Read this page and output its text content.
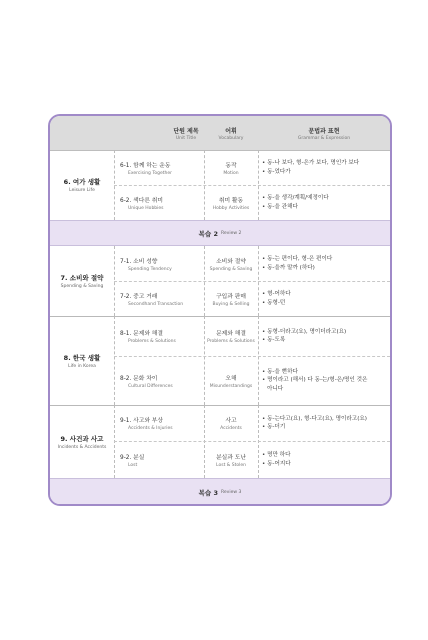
단원 제목
Unit Title
어휘
Vocabulary
문법과 표현
Grammar & Expression
6. 여가 생활
Leisure Life
6-1. 함께 하는 운동
Exercising Together
동작
Motion
• 동-나 보다, 형-은가 보다, 명인가 보다
• 동-었다가
6-2. 색다른 취미
Unique Hobbies
취미 활동
Hobby Activities
• 동-을 생각/계획/예정이다
• 동-을 관해다
복습 2 Review 2
7. 소비와 절약
Spending & Saving
7-1. 소비 성향
Spending Tendency
소비와 절약
Spending & Saving
• 동-는 편이다, 형-은 편이다
• 동-을까 말까 (하다)
7-2. 중고 거래
Secondhand Transaction
구입과 판매
Buying & Selling
• 형-어하다
• 동형-던
8. 한국 생활
Life in Korea
8-1. 문제와 해결
Problems & Solutions
문제와 해결
Problems & Solutions
• 동형-더라고(요), 명이더라고(요)
• 동-도록
8-2. 문화 차이
Cultural Differences
오해
Misunderstandings
• 동-을 뻔하다
• 명이라고 (해서) 다 동-는/형-은/명인 것은
아니다
9. 사건과 사고
Incidents & Accidents
9-1. 사고와 부상
Accidents & Injuries
사고
Accidents
• 동-는다고(요), 형-다고(요), 명이라고(요)
• 동-더기
9-2. 분실
Lost
분실과 도난
Lost & Stolen
• 명만 하다
• 동-어지다
복습 3 Review 3
